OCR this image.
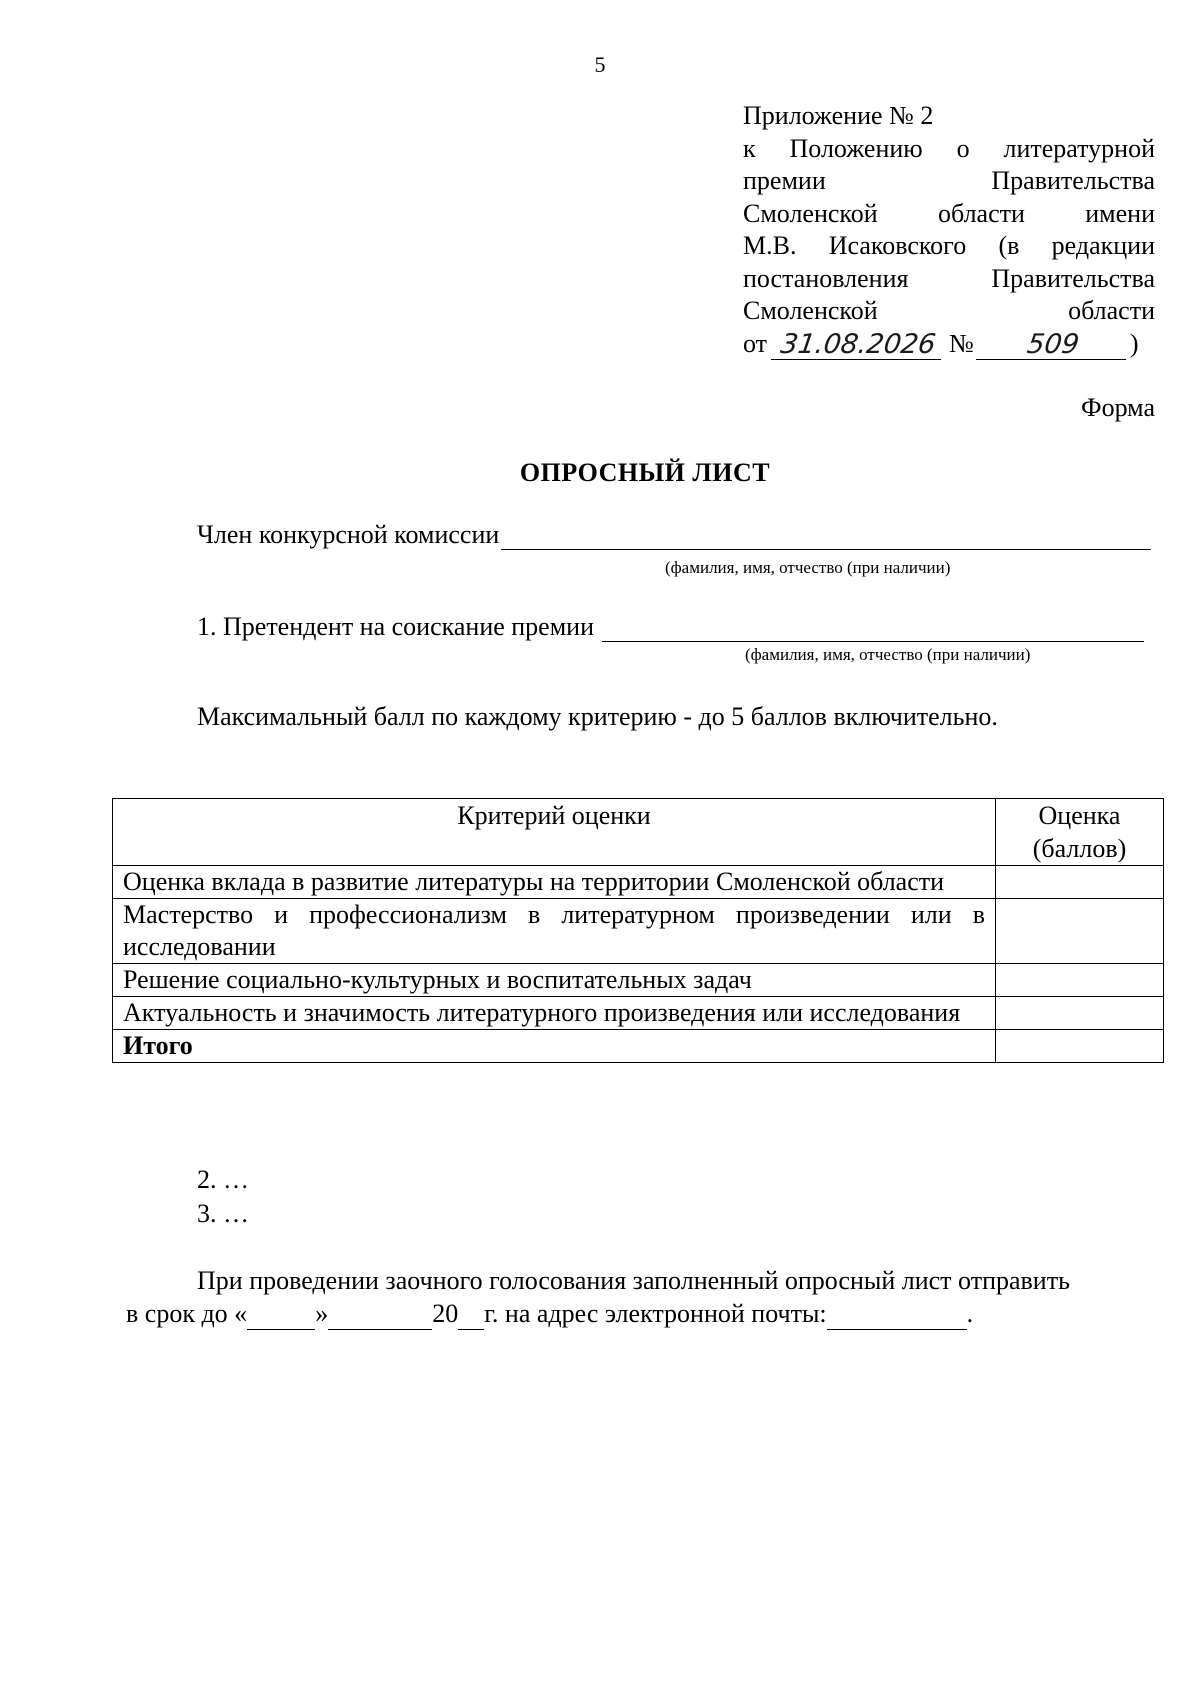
5
Приложение № 2
к Положению о литературной
премии Правительства
Смоленской области имени
М.В. Исаковского (в редакции
постановления Правительства
Смоленской области
от 31.08.2026 №	509	)
Форма
ОПРОСНЫЙ ЛИСТ
Член конкурсной комиссии
(фамилия, имя, отчество (при наличии)
1. Претендент на соискание премии
(фамилия, имя, отчество (при наличии)
Максимальный балл по каждому критерию - до 5 баллов включительно.
Критерий оценки	Оценка (баллов)
Оценка вклада в развитие литературы на территории Смоленской области	
Мастерство и профессионализм в литературном произведении или в исследовании	
Решение социально-культурных и воспитательных задач	
Актуальность и значимость литературного произведения или исследования	
Итого	
2. …
3. …
При проведении заочного голосования заполненный опросный лист отправить
в срок до «	»	20 г. на адрес электронной почты:	.
